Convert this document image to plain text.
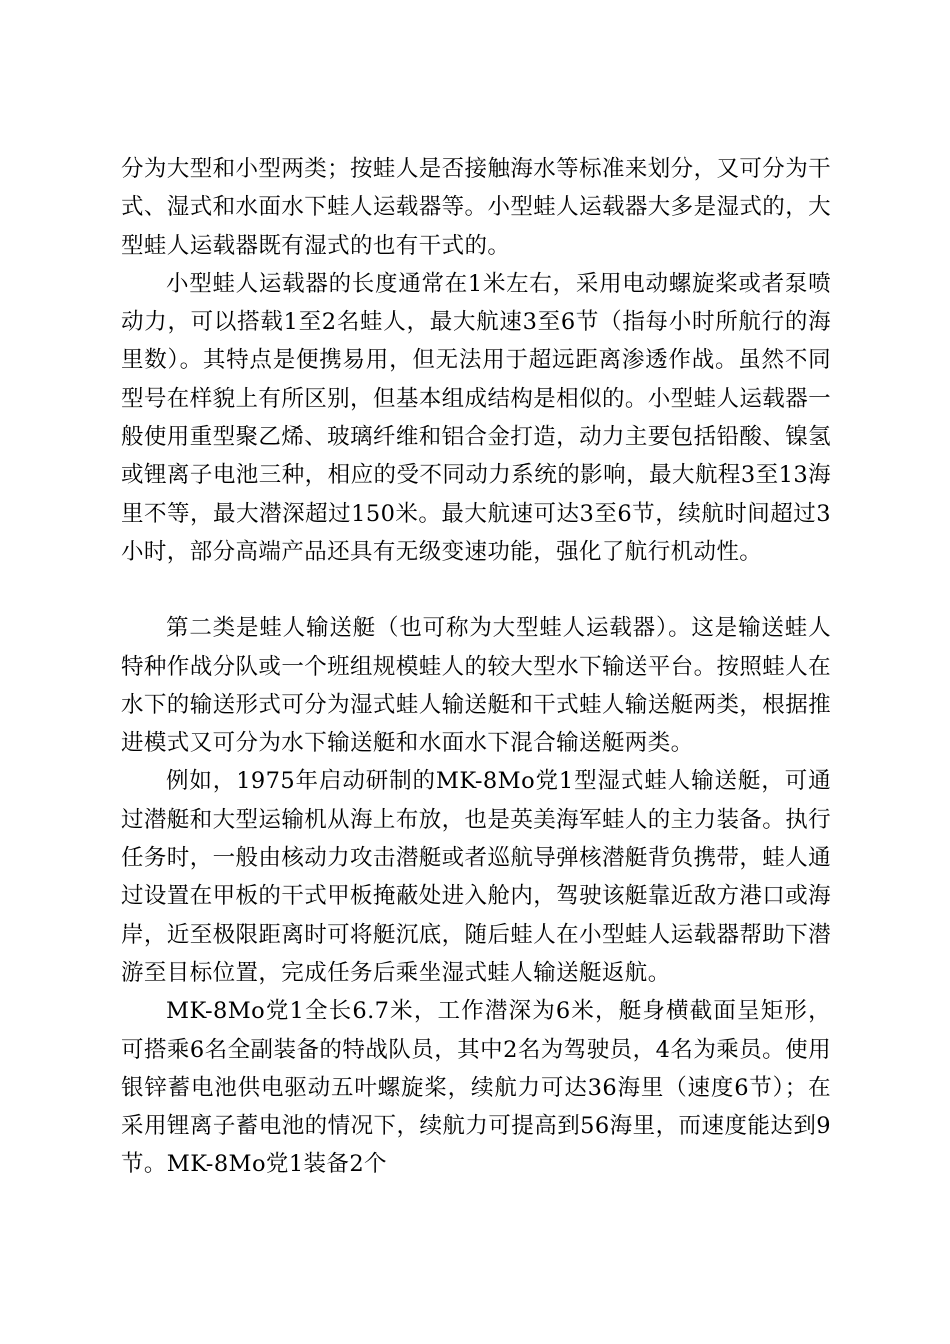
分为大型和小型两类；按蛙人是否接触海水等标准来划分，又可分为干式、湿式和水面水下蛙人运载器等。小型蛙人运载器大多是湿式的，大型蛙人运载器既有湿式的也有干式的。

小型蛙人运载器的长度通常在1米左右，采用电动螺旋桨或者泵喷动力，可以搭载1至2名蛙人，最大航速3至6节（指每小时所航行的海里数）。其特点是便携易用，但无法用于超远距离渗透作战。虽然不同型号在样貌上有所区别，但基本组成结构是相似的。小型蛙人运载器一般使用重型聚乙烯、玻璃纤维和铝合金打造，动力主要包括铅酸、镍氢或锂离子电池三种，相应的受不同动力系统的影响，最大航程3至13海里不等，最大潜深超过150米。最大航速可达3至6节，续航时间超过3小时，部分高端产品还具有无级变速功能，强化了航行机动性。

第二类是蛙人输送艇（也可称为大型蛙人运载器）。这是输送蛙人特种作战分队或一个班组规模蛙人的较大型水下输送平台。按照蛙人在水下的输送形式可分为湿式蛙人输送艇和干式蛙人输送艇两类，根据推进模式又可分为水下输送艇和水面水下混合输送艇两类。

例如，1975年启动研制的MK-8Mo党1型湿式蛙人输送艇，可通过潜艇和大型运输机从海上布放，也是英美海军蛙人的主力装备。执行任务时，一般由核动力攻击潜艇或者巡航导弹核潜艇背负携带，蛙人通过设置在甲板的干式甲板掩蔽处进入舱内，驾驶该艇靠近敌方港口或海岸，近至极限距离时可将艇沉底，随后蛙人在小型蛙人运载器帮助下潜游至目标位置，完成任务后乘坐湿式蛙人输送艇返航。

MK-8Mo党1全长6.7米，工作潜深为6米，艇身横截面呈矩形，可搭乘6名全副装备的特战队员，其中2名为驾驶员，4名为乘员。使用银锌蓄电池供电驱动五叶螺旋桨，续航力可达36海里（速度6节）；在采用锂离子蓄电池的情况下，续航力可提高到56海里，而速度能达到9节。MK-8Mo党1装备2个
